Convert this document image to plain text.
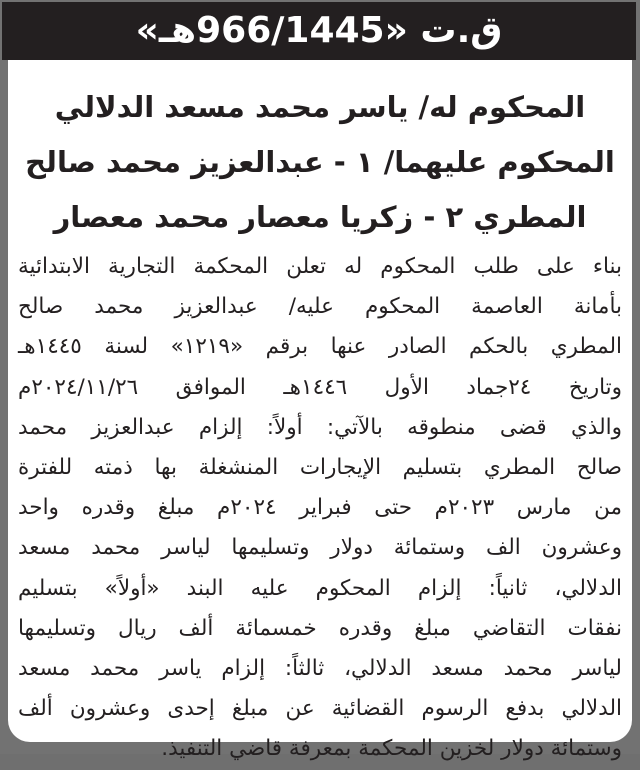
ق.ت «966/1445هـ»
المحكوم له/ ياسر محمد مسعد الدلالي
المحكوم عليهما/ ١ - عبدالعزيز محمد صالح
المطري ٢ - زكريا معصار محمد معصار
بناء على طلب المحكوم له تعلن المحكمة التجارية الابتدائية
بأمانة العاصمة المحكوم عليه/ عبدالعزيز محمد صالح
المطري بالحكم الصادر عنها برقم «١٢١٩» لسنة ١٤٤٥هـ
وتاريخ ٢٤جماد الأول ١٤٤٦هـ الموافق ٢٠٢٤/١١/٢٦م
والذي قضى منطوقه بالآتي: أولاً: إلزام عبدالعزيز محمد
صالح المطري بتسليم الإيجارات المنشغلة بها ذمته للفترة
من مارس ٢٠٢٣م حتى فبراير ٢٠٢٤م مبلغ وقدره واحد
وعشرون الف وستمائة دولار وتسليمها لياسر محمد مسعد
الدلالي، ثانياً: إلزام المحكوم عليه البند «أولاً» بتسليم
نفقات التقاضي مبلغ وقدره خمسمائة ألف ريال وتسليمها
لياسر محمد مسعد الدلالي، ثالثاً: إلزام ياسر محمد مسعد
الدلالي بدفع الرسوم القضائية عن مبلغ إحدى وعشرون ألف
وستمائة دولار لخزين المحكمة بمعرفة قاضي التنفيذ.
